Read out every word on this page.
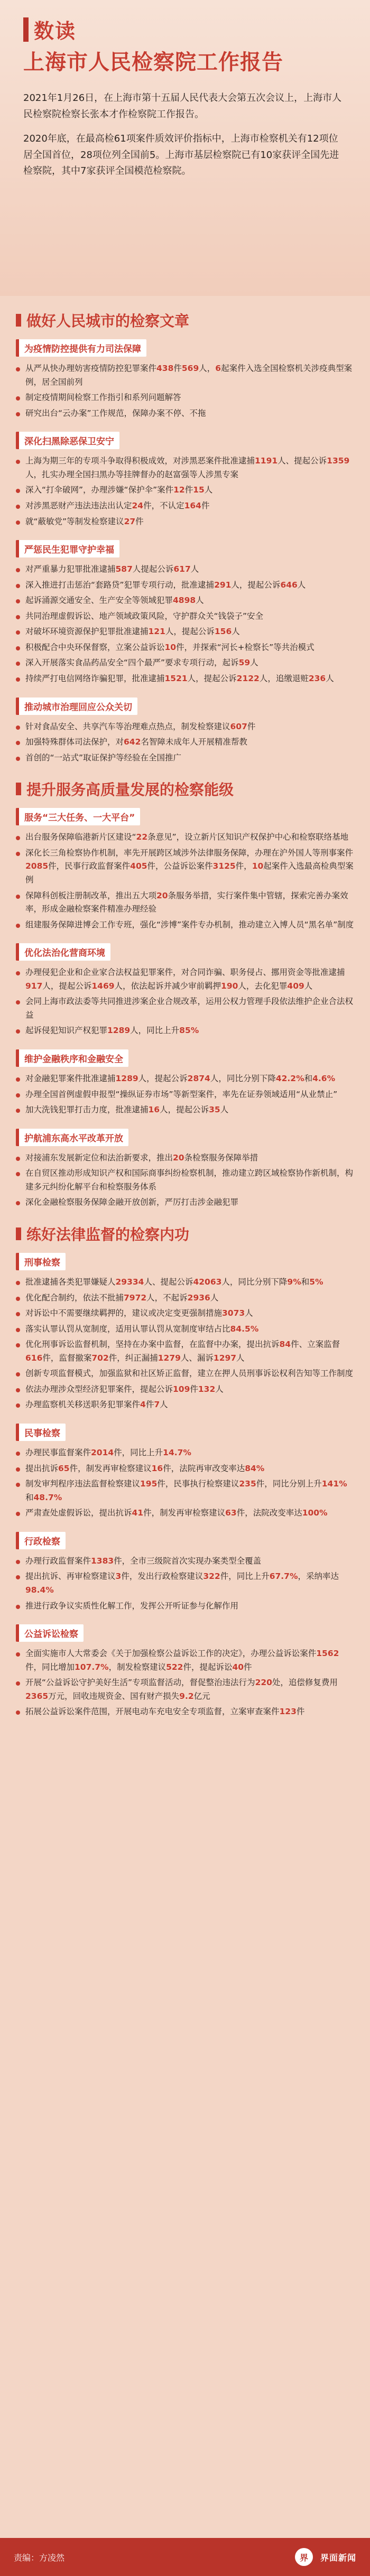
数读
上海市人民检察院工作报告

2021年1月26日，在上海市第十五届人民代表大会第五次会议上，上海市人民检察院检察长张本才作检察院工作报告。

2020年底，在最高检61项案件质效评价指标中，上海市检察机关有12项位居全国首位，28项位列全国前5。上海市基层检察院已有10家获评全国先进检察院，其中7家获评全国模范检察院。

做好人民城市的检察文章
为疫情防控提供有力司法保障
从严从快办理妨害疫情防控犯罪案件438件569人，6起案件入选全国检察机关涉疫典型案例，居全国前列
制定疫情期间检察工作指引和系列问题解答
研究出台“云办案”工作规范，保障办案不停、不拖
深化扫黑除恶保卫安宁
上海为期三年的专项斗争取得积极成效，对涉黑恶案件批准逮捕1191人、提起公诉1359人，扎实办理全国扫黑办等挂牌督办的赵富强等人涉黑专案
深入“打伞破网”，办理涉嫌“保护伞”案件12件15人
对涉黑恶财产违法违法出认定24件，不认定164件
就“蔽敏党”等制发检察建议27件
严惩民生犯罪守护幸福
对严重暴力犯罪批准逮捕587人提起公诉617人
深入推进打击惩治“套路贷”犯罪专项行动，批准逮捕291人，提起公诉646人
起诉涌源交通安全、生产安全等领域犯罪4898人
共同治理虚假诉讼、地产领域政策风险，守护群众关“钱袋子”安全
对破坏环境资源保护犯罪批准逮捕121人，提起公诉156人
积极配合中央环保督察，立案公益诉讼10件，并探索“河长+检察长”等共治模式
深入开展落实食品药品安全“四个最严”要求专项行动，起诉59人
持续严打电信网络诈骗犯罪，批准逮捕1521人，提起公诉2122人，追缴退赃236人
推动城市治理回应公众关切
针对食品安全、共享汽车等治理难点热点，制发检察建议607件
加强特殊群体司法保护，对642名智障未成年人开展精准帮教
首创的“一站式”取证保护等经验在全国推广
提升服务高质量发展的检察能级
服务“三大任务、一大平台”
出台服务保障临港新片区建设“22条意见”，设立新片区知识产权保护中心和检察联络基地
深化长三角检察协作机制，率先开展跨区域涉外法律服务保障，办理在沪外国人等刑事案件2085件，民事行政监督案件405件，公益诉讼案件3125件，10起案件入选最高检典型案例
保障科创板注册制改革，推出五大项20条服务举措，实行案件集中管辖，探索完善办案效率，形成金融检察案件精准办理经验
组建服务保障进博会工作专班，强化“涉博”案件专办机制，推动建立入博人员“黑名单”制度
优化法治化营商环境
办理侵犯企业和企业家合法权益犯罪案件，对合同诈骗、职务侵占、挪用资金等批准逮捕917人，提起公诉1469人，依法起诉并减少审前羁押190人，去化犯罪409人
会同上海市政法委等共同推进涉案企业合规改革，运用公权力管理手段依法维护企业合法权益
起诉侵犯知识产权犯罪1289人，同比上升85%
维护金融秩序和金融安全
对金融犯罪案件批准逮捕1289人，提起公诉2874人，同比分别下降42.2%和4.6%
办理全国首例虚假申报型“操纵证券市场”等新型案件，率先在证券领域适用“从业禁止”
加大洗钱犯罪打击力度，批准逮捕16人，提起公诉35人
护航浦东高水平改革开放
对接浦东发展新定位和法治新要求，推出20条检察服务保障举措
在自贸区推动形成知识产权和国际商事纠纷检察机制，推动建立跨区域检察协作新机制，构建多元纠纷化解平台和检察服务体系
深化金融检察服务保障金融开放创新，严厉打击涉金融犯罪
练好法律监督的检察内功
刑事检察
批准逮捕各类犯罪嫌疑人29334人、提起公诉42063人，同比分别下降9%和5%
优化配合制约，依法不批捕7972人，不起诉2936人
对诉讼中不需要继续羁押的，建议或决定变更强制措施3073人
落实认罪认罚从宽制度，适用认罪认罚从宽制度审结占比84.5%
优化刑事诉讼监督机制，坚持在办案中监督，在监督中办案，提出抗诉84件、立案监督616件，监督撤案702件，纠正漏捕1279人、漏诉1297人
创新专项监督模式，加强监狱和社区矫正监督，建立在押人员刑事诉讼权利告知等工作制度
依法办理涉众型经济犯罪案件，提起公诉109件132人
办理监察机关移送职务犯罪案件4件7人
民事检察
办理民事监督案件2014件，同比上升14.7%
提出抗诉65件，制发再审检察建议16件，法院再审改变率达84%
制发审判程序违法监督检察建议195件，民事执行检察建议235件，同比分别上升141%和48.7%
严肃查处虚假诉讼，提出抗诉41件，制发再审检察建议63件，法院改变率达100%
行政检察
办理行政监督案件1383件，全市三级院首次实现办案类型全覆盖
提出抗诉、再审检察建议3件，发出行政检察建议322件，同比上升67.7%，采纳率达98.4%
推进行政争议实质性化解工作，发挥公开听证参与化解作用
公益诉讼检察
全面实施市人大常委会《关于加强检察公益诉讼工作的决定》，办理公益诉讼案件1562件，同比增加107.7%，制发检察建议522件，提起诉讼40件
开展“公益诉讼守护美好生活”专项监督活动，督促整治违法行为220处，追偿修复费用2365万元，回收违规资金、国有财产损失9.2亿元
拓展公益诉讼案件范围，开展电动车充电安全专项监督，立案审查案件123件
责编：方凌然	界	界面新闻
